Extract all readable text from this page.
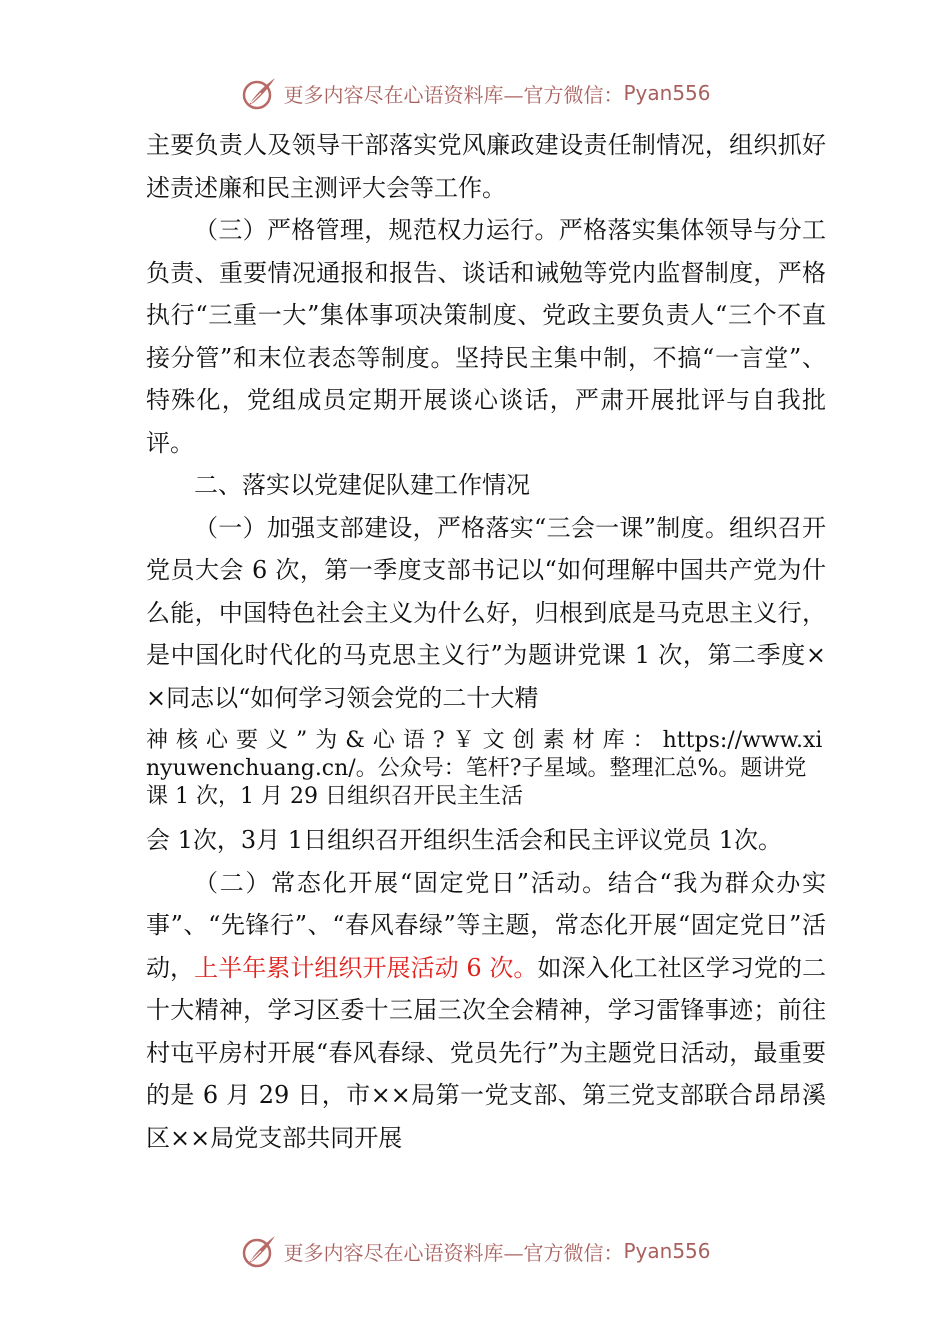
更多内容尽在心语资料库—官方微信： Pyan556

主要负责人及领导干部落实党风廉政建设责任制情况，组织抓好述责述廉和民主测评大会等工作。

（三）严格管理，规范权力运行。严格落实集体领导与分工负责、重要情况通报和报告、谈话和诫勉等党内监督制度，严格执行“三重一大”集体事项决策制度、党政主要负责人“三个不直接分管”和末位表态等制度。坚持民主集中制，不搞“一言堂”、特殊化，党组成员定期开展谈心谈话，严肃开展批评与自我批评。

二、落实以党建促队建工作情况

（一）加强支部建设，严格落实“三会一课”制度。组织召开党员大会 6 次，第一季度支部书记以“如何理解中国共产党为什么能，中国特色社会主义为什么好，归根到底是马克思主义行，是中国化时代化的马克思主义行”为题讲党课 1 次，第二季度××同志以“如何学习领会党的二十大精

神核心要义”为&心语?￥文创素材库：https://www.xinyuwenchuang.cn/。公众号：笔杆?子星域。整理汇总%。题讲党课 1 次，1 月 29 日组织召开民主生活

会 1次，3月 1日组织召开组织生活会和民主评议党员 1次。

（二）常态化开展“固定党日”活动。结合“我为群众办实事”、“先锋行”、“春风春绿”等主题，常态化开展“固定党日”活动，上半年累计组织开展活动 6 次。如深入化工社区学习党的二十大精神，学习区委十三届三次全会精神，学习雷锋事迹；前往村屯平房村开展“春风春绿、党员先行”为主题党日活动，最重要的是 6 月 29 日，市××局第一党支部、第三党支部联合昂昂溪区××局党支部共同开展

更多内容尽在心语资料库—官方微信： Pyan556
